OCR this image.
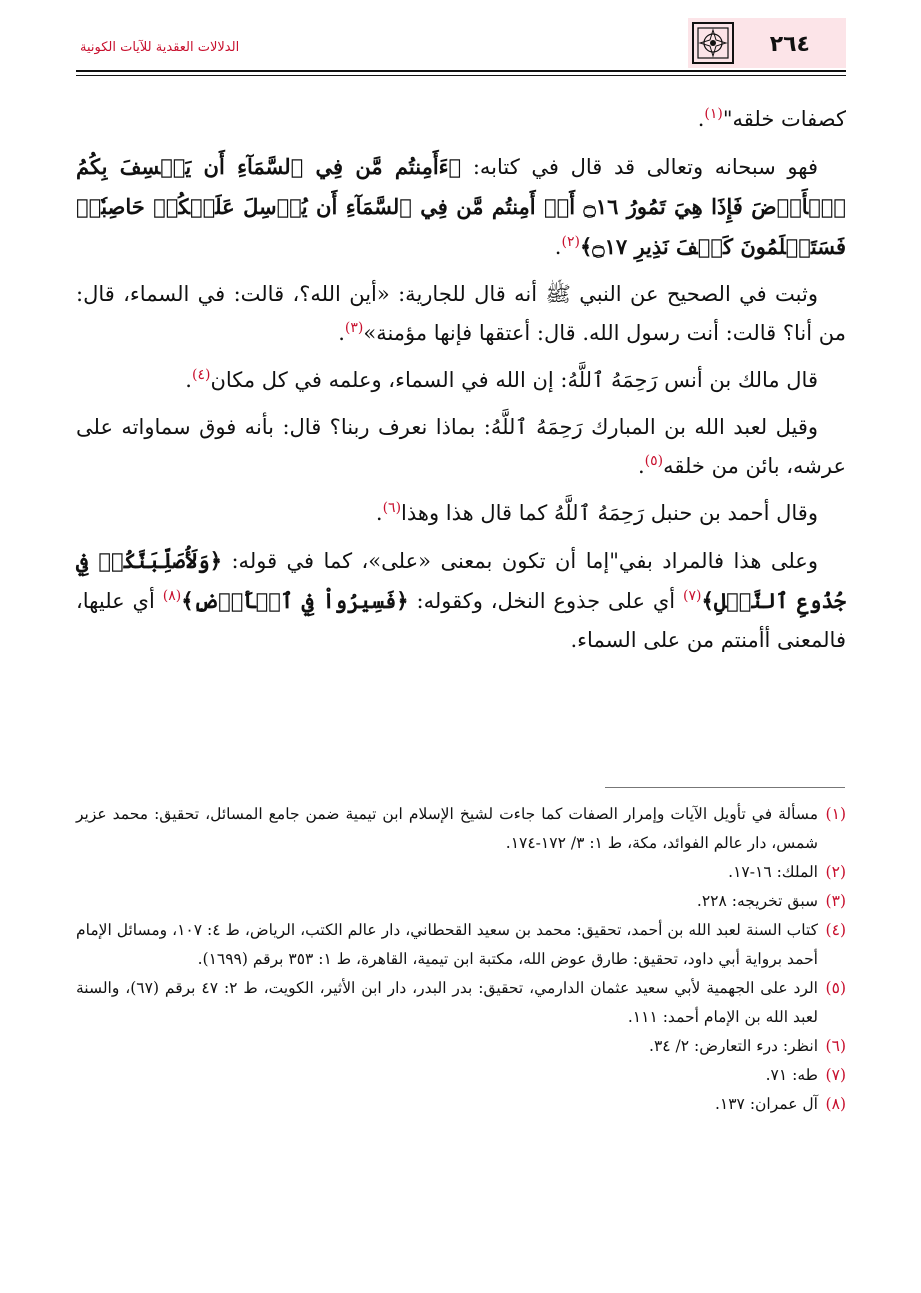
٢٦٤
الدلالات العقدية للآيات الكونية

كصفات خلقه"$^{(١)}$.

فهو سبحانه وتعالى قد قال في كتابه: ﴿ءَأَمِنتُم مَّن فِي ٱلسَّمَآءِ أَن يَخۡسِفَ بِكُمُ ٱلۡأَرۡضَ فَإِذَا هِيَ تَمُورُ ۝١٦ أَمۡ أَمِنتُم مَّن فِي ٱلسَّمَآءِ أَن يُرۡسِلَ عَلَيۡكُمۡ حَاصِبٗاۖ فَسَتَعۡلَمُونَ كَيۡفَ نَذِيرِ ۝١٧﴾$^{(٢)}$.

وثبت في الصحيح عن النبي ﷺ أنه قال للجارية: «أين الله؟، قالت: في السماء، قال: من أنا؟ قالت: أنت رسول الله. قال: أعتقها فإنها مؤمنة»$^{(٣)}$.

قال مالك بن أنس رَحِمَهُ ٱللَّهُ: إن الله في السماء، وعلمه في كل مكان$^{(٤)}$.

وقيل لعبد الله بن المبارك رَحِمَهُ ٱللَّهُ: بماذا نعرف ربنا؟ قال: بأنه فوق سماواته على عرشه، بائن من خلقه$^{(٥)}$.

وقال أحمد بن حنبل رَحِمَهُ ٱللَّهُ كما قال هذا وهذا$^{(٦)}$.

وعلى هذا فالمراد بفي"إما أن تكون بمعنى «على»، كما في قوله: ﴿وَلَأُصَلِّبَنَّكُمۡ فِي جُذُوعِ ٱلنَّخۡلِ﴾$^{(٧)}$ أي على جذوع النخل، وكقوله: ﴿فَسِيرُواْ فِي ٱلۡأَرۡضِ﴾$^{(٨)}$ أي عليها، فالمعنى أأمنتم من على السماء.

(١)
مسألة في تأويل الآيات وإمرار الصفات كما جاءت لشيخ الإسلام ابن تيمية ضمن جامع المسائل، تحقيق: محمد عزير شمس، دار عالم الفوائد، مكة، ط ١: ٣/ ١٧٢-١٧٤.

(٢)
الملك: ١٦-١٧.

(٣)
سبق تخريجه: ٢٢٨.

(٤)
كتاب السنة لعبد الله بن أحمد، تحقيق: محمد بن سعيد القحطاني، دار عالم الكتب، الرياض، ط ٤: ١٠٧، ومسائل الإمام أحمد برواية أبي داود، تحقيق: طارق عوض الله، مكتبة ابن تيمية، القاهرة، ط ١: ٣٥٣ برقم (١٦٩٩).

(٥)
الرد على الجهمية لأبي سعيد عثمان الدارمي، تحقيق: بدر البدر، دار ابن الأثير، الكويت، ط ٢: ٤٧ برقم (٦٧)، والسنة لعبد الله بن الإمام أحمد: ١١١.

(٦)
انظر: درء التعارض: ٢/ ٣٤.

(٧)
طه: ٧١.

(٨)
آل عمران: ١٣٧.
